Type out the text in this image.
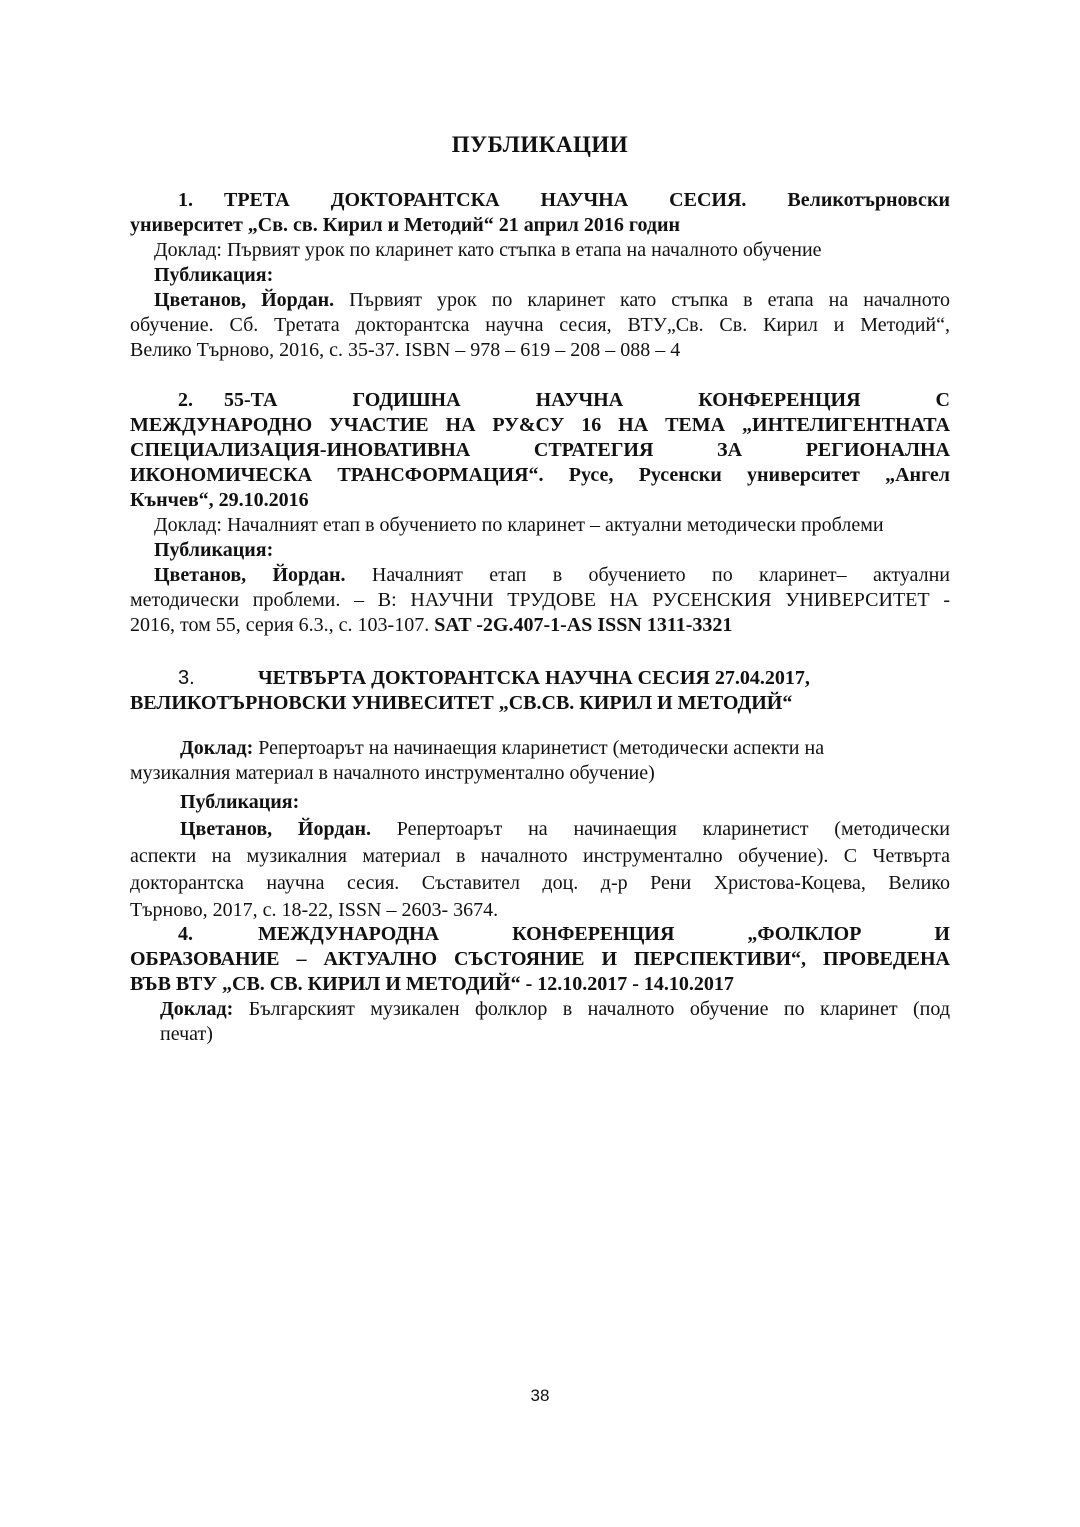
ПУБЛИКАЦИИ
1. ТРЕТА ДОКТОРАНТСКА НАУЧНА СЕСИЯ. Великотърновски
университет „Св. св. Кирил и Методий“ 21 април 2016 годин
Доклад: Първият урок по кларинет като стъпка в етапа на началното обучение
Публикация:
Цветанов, Йордан. Първият урок по кларинет като стъпка в етапа на началното
обучение. Сб. Третата докторантска научна сесия, ВТУ„Св. Св. Кирил и Методий“,
Велико Търново, 2016, с. 35-37. ISBN – 978 – 619 – 208 – 088 – 4
2. 55-ТА ГОДИШНА НАУЧНА КОНФЕРЕНЦИЯ С
МЕЖДУНАРОДНО УЧАСТИЕ НА РУ&СУ 16 НА ТЕМА „ИНТЕЛИГЕНТНАТА
СПЕЦИАЛИЗАЦИЯ-ИНОВАТИВНА СТРАТЕГИЯ ЗА РЕГИОНАЛНА
ИКОНОМИЧЕСКА ТРАНСФОРМАЦИЯ“. Русе, Русенски университет „Ангел
Кънчев“, 29.10.2016
Доклад: Началният етап в обучението по кларинет – актуални методически проблеми
Публикация:
Цветанов, Йордан. Началният етап в обучението по кларинет– актуални
методически проблеми. – В: НАУЧНИ ТРУДОВЕ НА РУСЕНСКИЯ УНИВЕРСИТЕТ -
2016, том 55, серия 6.3., с. 103-107. SAT -2G.407-1-AS ISSN 1311-3321
3.	ЧЕТВЪРТА ДОКТОРАНТСКА НАУЧНА СЕСИЯ 27.04.2017,
ВЕЛИКОТЪРНОВСКИ УНИВЕСИТЕТ „СВ.СВ. КИРИЛ И МЕТОДИЙ“
Доклад: Репертоарът на начинаещия кларинетист (методически аспекти на
музикалния материал в началното инструментално обучение)
Публикация:
Цветанов, Йордан. Репертоарът на начинаещия кларинетист (методически
аспекти на музикалния материал в началното инструментално обучение). С Четвърта
докторантска научна сесия. Съставител доц. д-р Рени Христова-Коцева, Велико
Търново, 2017, с. 18-22, ISSN – 2603- 3674.
4.	МЕЖДУНАРОДНА КОНФЕРЕНЦИЯ „ФОЛКЛОР И
ОБРАЗОВАНИЕ – АКТУАЛНО СЪСТОЯНИЕ И ПЕРСПЕКТИВИ“, ПРОВЕДЕНА
ВЪВ ВТУ „СВ. СВ. КИРИЛ И МЕТОДИЙ“ - 12.10.2017 - 14.10.2017
Доклад: Българският музикален фолклор в началното обучение по кларинет (под
печат)
38
